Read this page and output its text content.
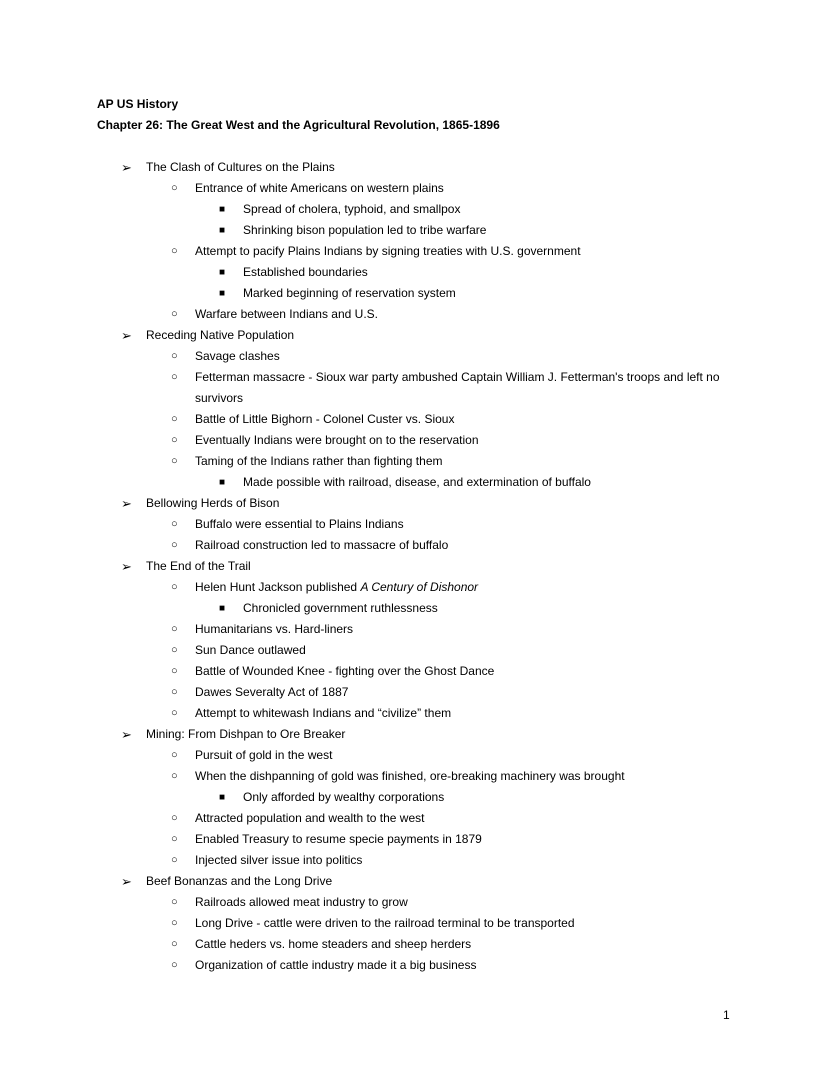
AP US History
Chapter 26: The Great West and the Agricultural Revolution, 1865-1896
➢ The Clash of Cultures on the Plains
○ Entrance of white Americans on western plains
■ Spread of cholera, typhoid, and smallpox
■ Shrinking bison population led to tribe warfare
○ Attempt to pacify Plains Indians by signing treaties with U.S. government
■ Established boundaries
■ Marked beginning of reservation system
○ Warfare between Indians and U.S.
➢ Receding Native Population
○ Savage clashes
○ Fetterman massacre - Sioux war party ambushed Captain William J. Fetterman's troops and left no survivors
○ Battle of Little Bighorn - Colonel Custer vs. Sioux
○ Eventually Indians were brought on to the reservation
○ Taming of the Indians rather than fighting them
■ Made possible with railroad, disease, and extermination of buffalo
➢ Bellowing Herds of Bison
○ Buffalo were essential to Plains Indians
○ Railroad construction led to massacre of buffalo
➢ The End of the Trail
○ Helen Hunt Jackson published A Century of Dishonor
■ Chronicled government ruthlessness
○ Humanitarians vs. Hard-liners
○ Sun Dance outlawed
○ Battle of Wounded Knee - fighting over the Ghost Dance
○ Dawes Severalty Act of 1887
○ Attempt to whitewash Indians and “civilize” them
➢ Mining: From Dishpan to Ore Breaker
○ Pursuit of gold in the west
○ When the dishpanning of gold was finished, ore-breaking machinery was brought
■ Only afforded by wealthy corporations
○ Attracted population and wealth to the west
○ Enabled Treasury to resume specie payments in 1879
○ Injected silver issue into politics
➢ Beef Bonanzas and the Long Drive
○ Railroads allowed meat industry to grow
○ Long Drive - cattle were driven to the railroad terminal to be transported
○ Cattle heders vs. home steaders and sheep herders
○ Organization of cattle industry made it a big business
1
